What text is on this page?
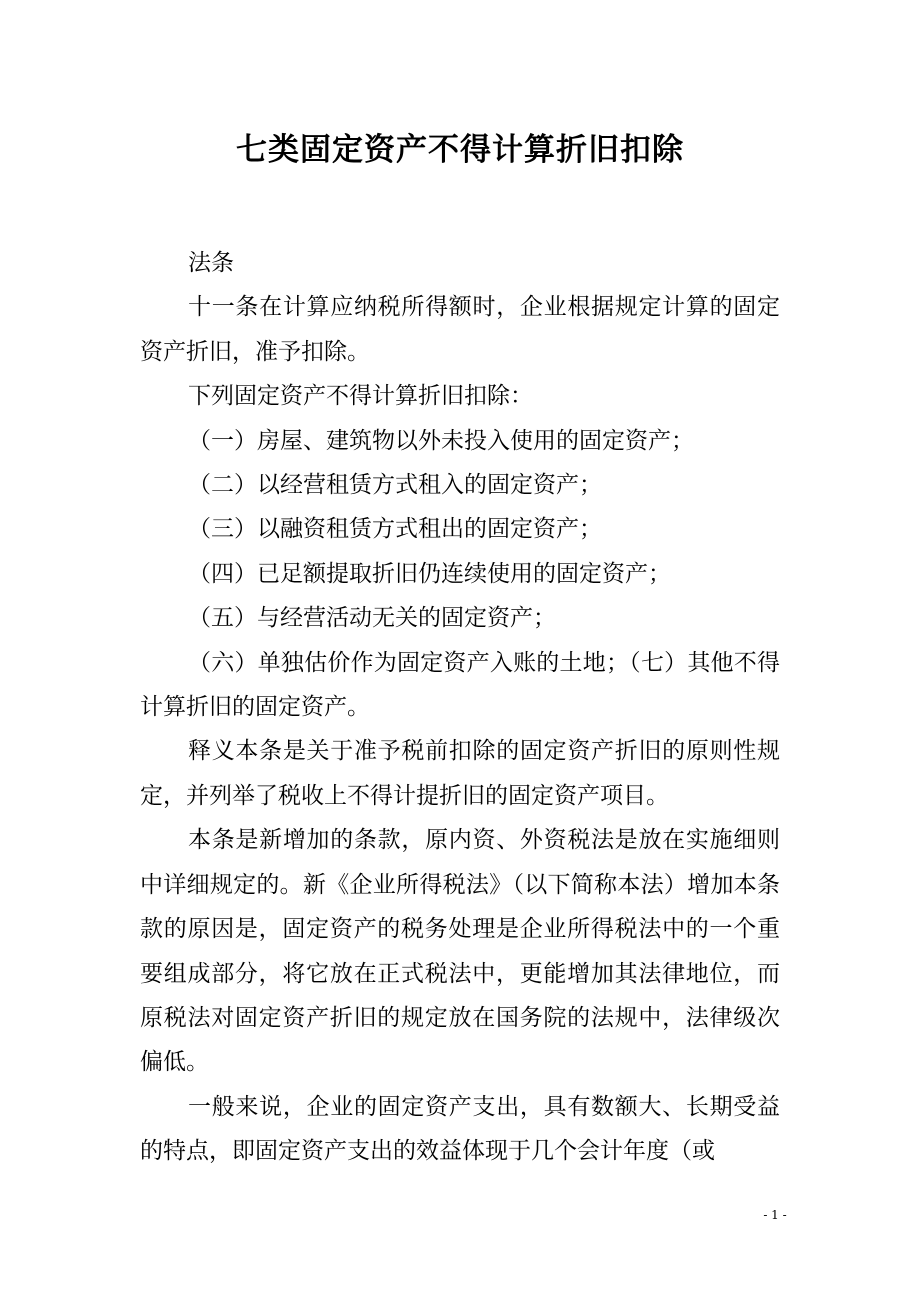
七类固定资产不得计算折旧扣除

法条

十一条在计算应纳税所得额时，企业根据规定计算的固定资产折旧，准予扣除。

下列固定资产不得计算折旧扣除：

（一）房屋、建筑物以外未投入使用的固定资产；

（二）以经营租赁方式租入的固定资产；

（三）以融资租赁方式租出的固定资产；

（四）已足额提取折旧仍连续使用的固定资产；

（五）与经营活动无关的固定资产；

（六）单独估价作为固定资产入账的土地；（七）其他不得计算折旧的固定资产。

释义本条是关于准予税前扣除的固定资产折旧的原则性规定，并列举了税收上不得计提折旧的固定资产项目。

本条是新增加的条款，原内资、外资税法是放在实施细则中详细规定的。新《企业所得税法》（以下简称本法）增加本条款的原因是，固定资产的税务处理是企业所得税法中的一个重要组成部分，将它放在正式税法中，更能增加其法律地位，而原税法对固定资产折旧的规定放在国务院的法规中，法律级次偏低。

一般来说，企业的固定资产支出，具有数额大、长期受益的特点，即固定资产支出的效益体现于几个会计年度（或

- 1 -
